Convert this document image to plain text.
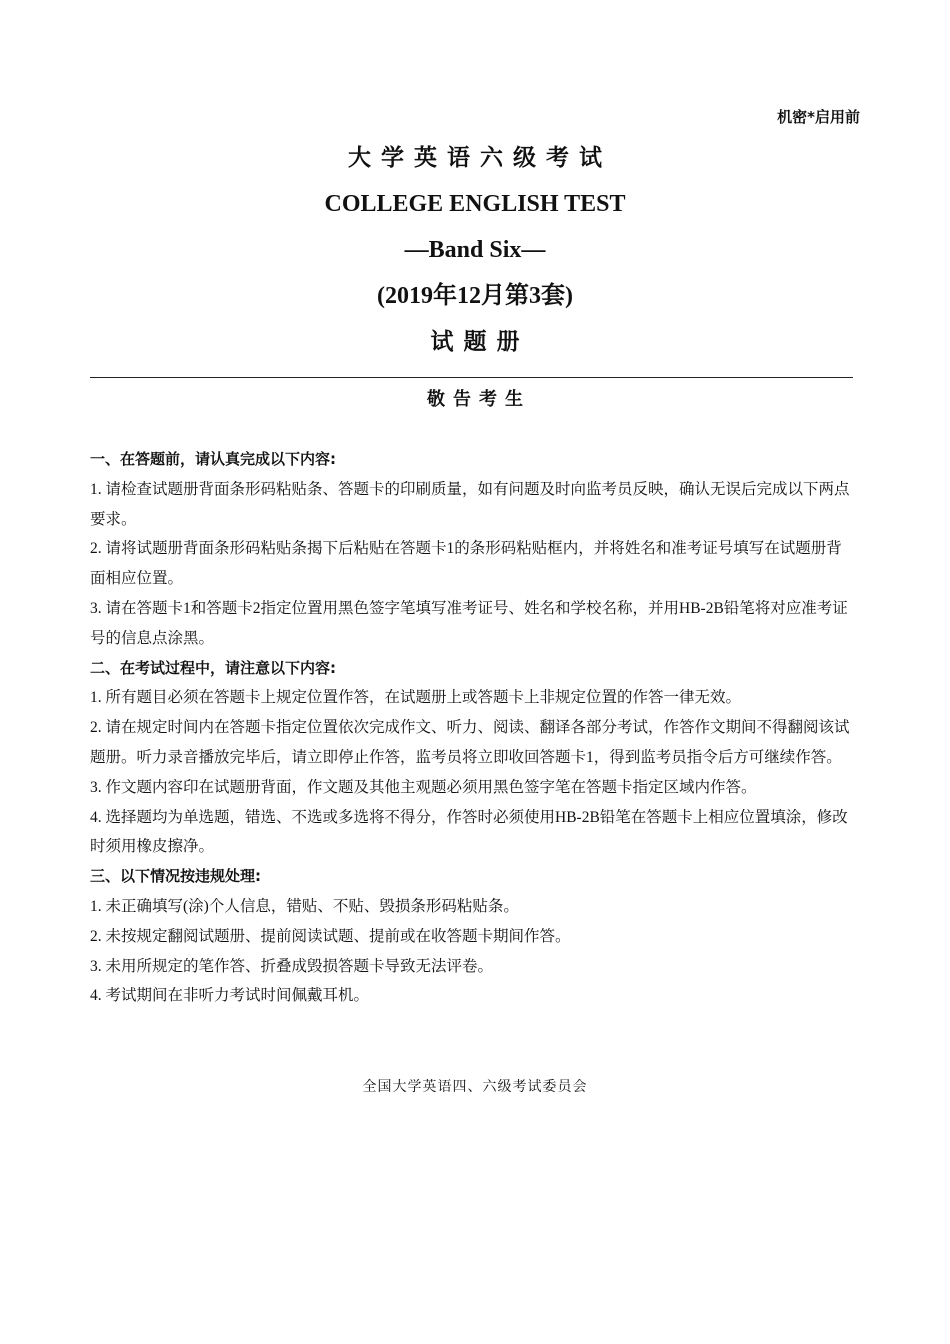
机密*启用前
大学英语六级考试
COLLEGE ENGLISH TEST
—Band Six—
(2019年12月第3套)
试题册
敬告考生
一、在答题前，请认真完成以下内容:
1. 请检查试题册背面条形码粘贴条、答题卡的印刷质量，如有问题及时向监考员反映，确认无误后完成以下两点要求。
2. 请将试题册背面条形码粘贴条揭下后粘贴在答题卡1的条形码粘贴框内，并将姓名和准考证号填写在试题册背面相应位置。
3. 请在答题卡1和答题卡2指定位置用黑色签字笔填写准考证号、姓名和学校名称，并用HB-2B铅笔将对应准考证号的信息点涂黑。
二、在考试过程中，请注意以下内容:
1. 所有题目必须在答题卡上规定位置作答，在试题册上或答题卡上非规定位置的作答一律无效。
2. 请在规定时间内在答题卡指定位置依次完成作文、听力、阅读、翻译各部分考试，作答作文期间不得翻阅该试题册。听力录音播放完毕后，请立即停止作答，监考员将立即收回答题卡1，得到监考员指令后方可继续作答。
3. 作文题内容印在试题册背面，作文题及其他主观题必须用黑色签字笔在答题卡指定区域内作答。
4. 选择题均为单选题，错选、不选或多选将不得分，作答时必须使用HB-2B铅笔在答题卡上相应位置填涂，修改时须用橡皮擦净。
三、以下情况按违规处理:
1. 未正确填写(涂)个人信息，错贴、不贴、毁损条形码粘贴条。
2. 未按规定翻阅试题册、提前阅读试题、提前或在收答题卡期间作答。
3. 未用所规定的笔作答、折叠成毁损答题卡导致无法评卷。
4. 考试期间在非听力考试时间佩戴耳机。
全国大学英语四、六级考试委员会
